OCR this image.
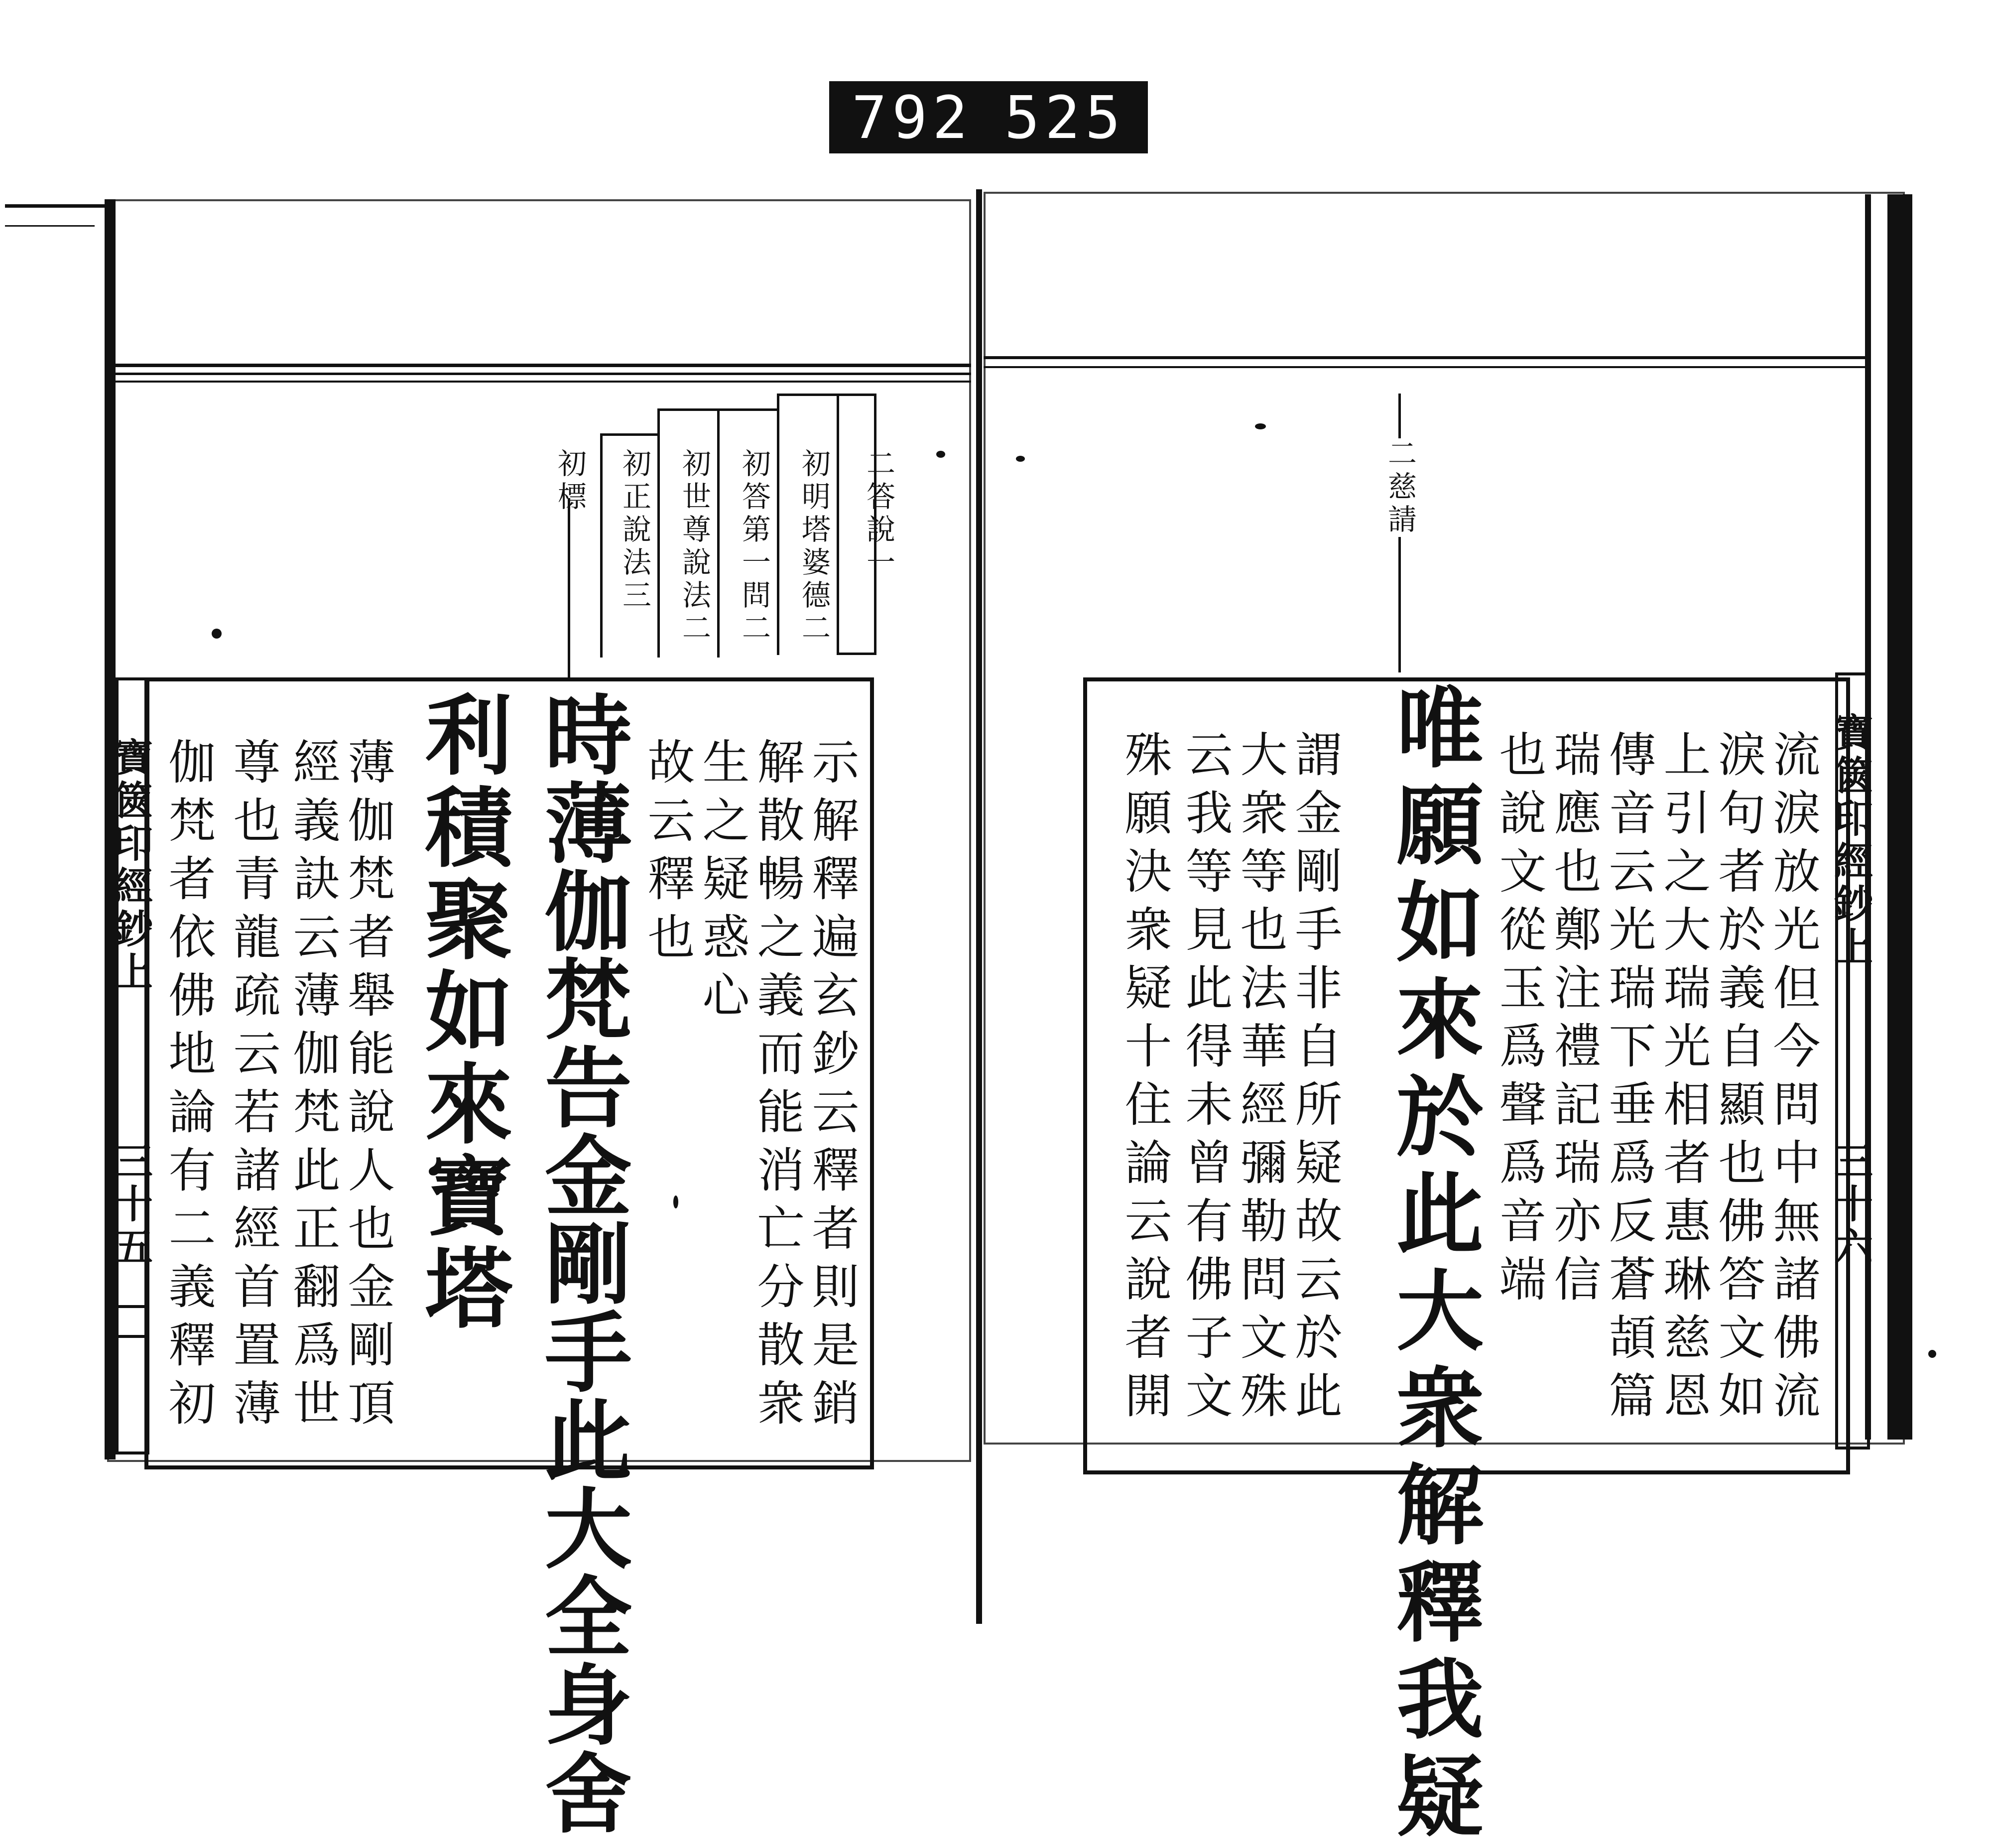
792 525
寶篋印經鈔上
三十五
二答說一
初明塔婆德二
初答第一問二
初世尊說法二
初正說法三
初標
示解釋遍玄鈔云釋者則是銷
解散暢之義而能消亡分散衆
生之疑惑心
故云釋也
時薄伽梵告金剛手此大全身舍
利積聚如來寶塔
薄伽梵者舉能說人也金剛頂
經義訣云薄伽梵此正翻爲世
尊也青龍疏云若諸經首置薄
伽梵者依佛地論有二義釋初	寶篋印經鈔上
三十六
二慈請
流淚放光但今問中無諸佛流
淚句者於義自顯也佛答文如
上引之大瑞光相者惠琳慈恩
傳音云光瑞下垂爲反蒼頡篇
瑞應也鄭注禮記瑞亦信
也說文從玉爲聲爲音端
唯願如來於此大衆解釋我疑
謂金剛手非自所疑故云於此
大衆等也法華經彌勒問文殊
云我等見此得未曾有佛子文
殊願決衆疑十住論云說者開
